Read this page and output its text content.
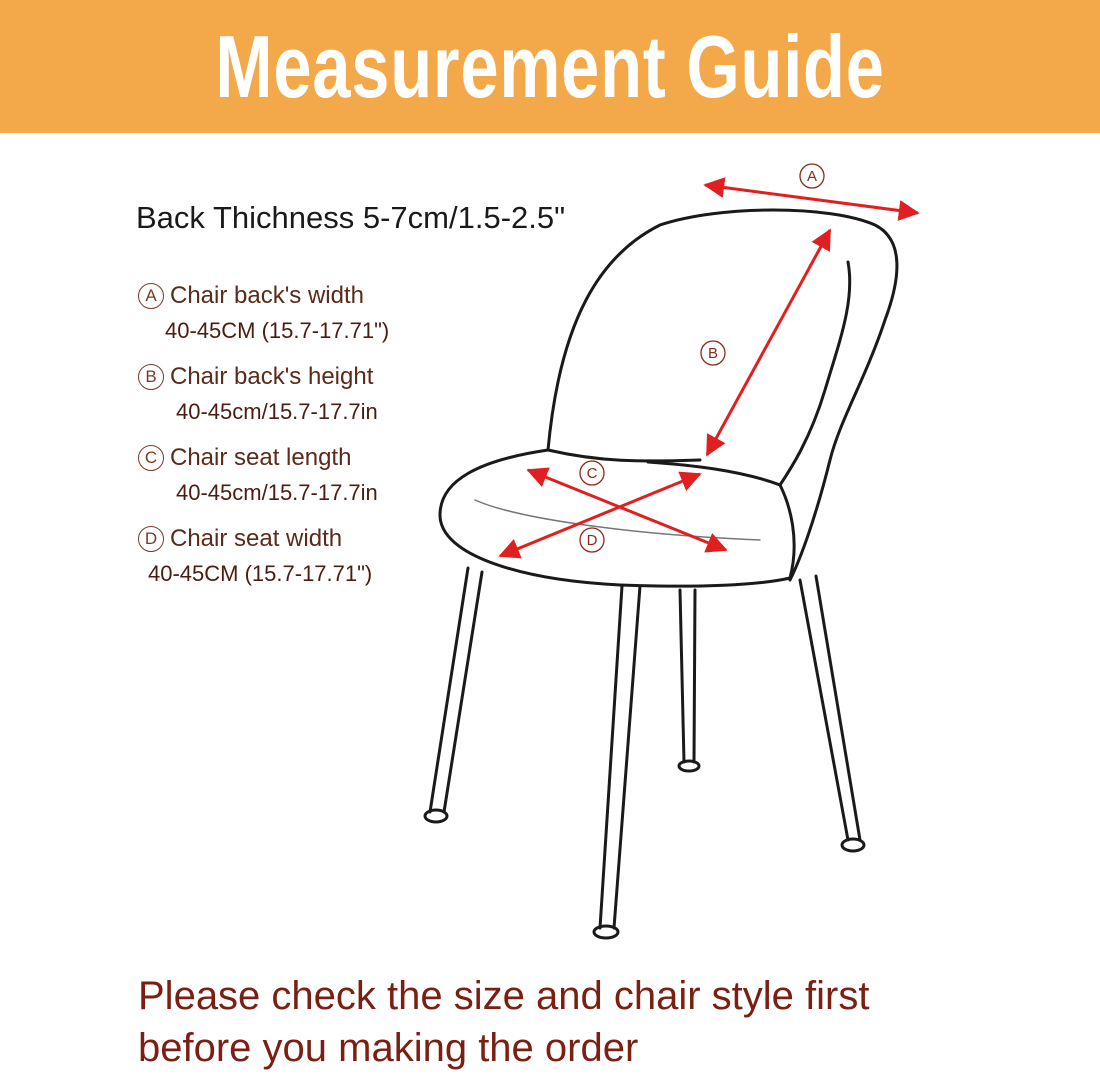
Measurement Guide
Back Thichness 5-7cm/1.5-2.5"
A Chair back's width
40-45CM (15.7-17.71")
B Chair back's height
40-45cm/15.7-17.7in
C Chair seat length
40-45cm/15.7-17.7in
D Chair seat width
40-45CM (15.7-17.71")
A
B
C
D
Please check the size and chair style first
before you making the order
